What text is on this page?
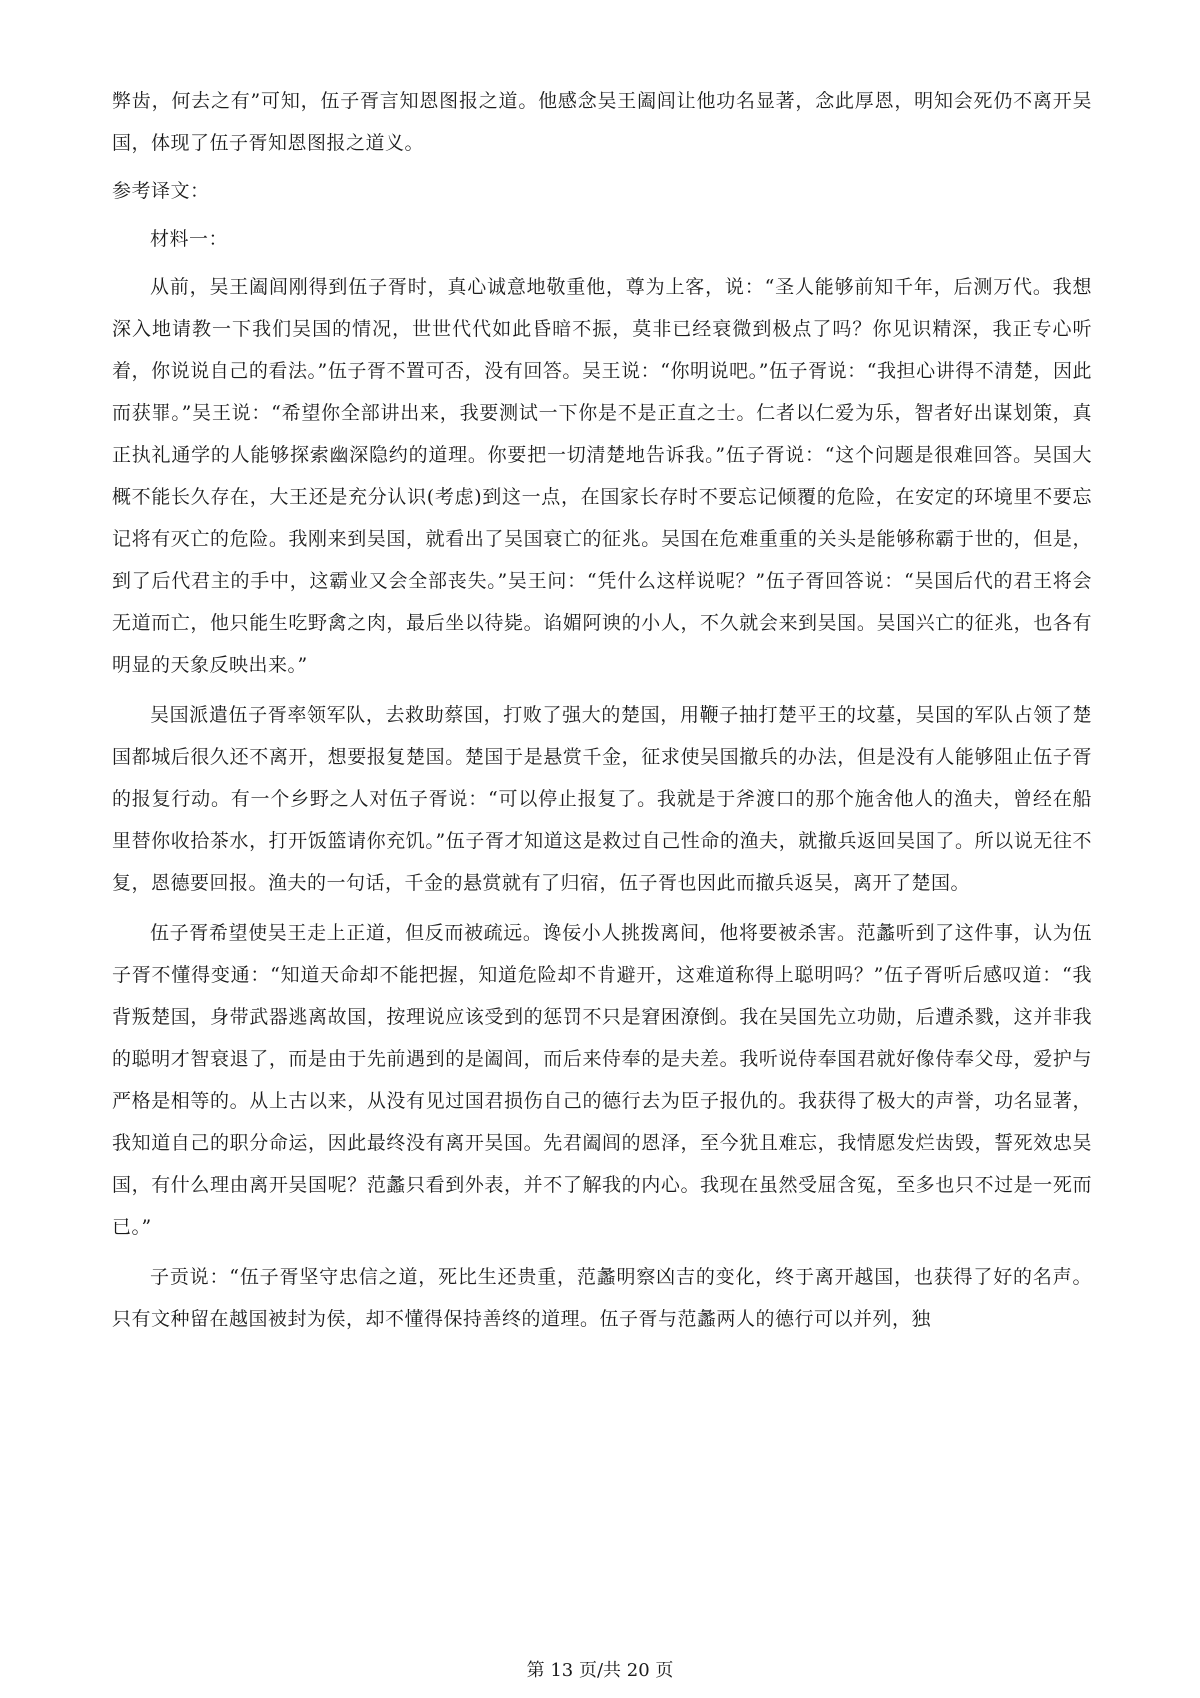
弊齿，何去之有”可知，伍子胥言知恩图报之道。他感念吴王阖闾让他功名显著，念此厚恩，明知会死仍不离开吴国，体现了伍子胥知恩图报之道义。

参考译文：

材料一：

从前，吴王阖闾刚得到伍子胥时，真心诚意地敬重他，尊为上客，说：“圣人能够前知千年，后测万代。我想深入地请教一下我们吴国的情况，世世代代如此昏暗不振，莫非已经衰微到极点了吗？你见识精深，我正专心听着，你说说自己的看法。”伍子胥不置可否，没有回答。吴王说：“你明说吧。”伍子胥说：“我担心讲得不清楚，因此而获罪。”吴王说：“希望你全部讲出来，我要测试一下你是不是正直之士。仁者以仁爱为乐，智者好出谋划策，真正执礼通学的人能够探索幽深隐约的道理。你要把一切清楚地告诉我。”伍子胥说：“这个问题是很难回答。吴国大概不能长久存在，大王还是充分认识(考虑)到这一点，在国家长存时不要忘记倾覆的危险，在安定的环境里不要忘记将有灭亡的危险。我刚来到吴国，就看出了吴国衰亡的征兆。吴国在危难重重的关头是能够称霸于世的，但是，到了后代君主的手中，这霸业又会全部丧失。”吴王问：“凭什么这样说呢？”伍子胥回答说：“吴国后代的君王将会无道而亡，他只能生吃野禽之肉，最后坐以待毙。谄媚阿谀的小人，不久就会来到吴国。吴国兴亡的征兆，也各有明显的天象反映出来。”

吴国派遣伍子胥率领军队，去救助蔡国，打败了强大的楚国，用鞭子抽打楚平王的坟墓，吴国的军队占领了楚国都城后很久还不离开，想要报复楚国。楚国于是悬赏千金，征求使吴国撤兵的办法，但是没有人能够阻止伍子胥的报复行动。有一个乡野之人对伍子胥说：“可以停止报复了。我就是于斧渡口的那个施舍他人的渔夫，曾经在船里替你收拾茶水，打开饭篮请你充饥。”伍子胥才知道这是救过自己性命的渔夫，就撤兵返回吴国了。所以说无往不复，恩德要回报。渔夫的一句话，千金的悬赏就有了归宿，伍子胥也因此而撤兵返吴，离开了楚国。

伍子胥希望使吴王走上正道，但反而被疏远。谗佞小人挑拨离间，他将要被杀害。范蠡听到了这件事，认为伍子胥不懂得变通：“知道天命却不能把握，知道危险却不肯避开，这难道称得上聪明吗？”伍子胥听后感叹道：“我背叛楚国，身带武器逃离故国，按理说应该受到的惩罚不只是窘困潦倒。我在吴国先立功勋，后遭杀戮，这并非我的聪明才智衰退了，而是由于先前遇到的是阖闾，而后来侍奉的是夫差。我听说侍奉国君就好像侍奉父母，爱护与严格是相等的。从上古以来，从没有见过国君损伤自己的德行去为臣子报仇的。我获得了极大的声誉，功名显著，我知道自己的职分命运，因此最终没有离开吴国。先君阖闾的恩泽，至今犹且难忘，我情愿发烂齿毁，誓死效忠吴国，有什么理由离开吴国呢？范蠡只看到外表，并不了解我的内心。我现在虽然受屈含冤，至多也只不过是一死而已。”

子贡说：“伍子胥坚守忠信之道，死比生还贵重，范蠡明察凶吉的变化，终于离开越国，也获得了好的名声。只有文种留在越国被封为侯，却不懂得保持善终的道理。伍子胥与范蠡两人的德行可以并列，独

第 13 页/共 20 页
